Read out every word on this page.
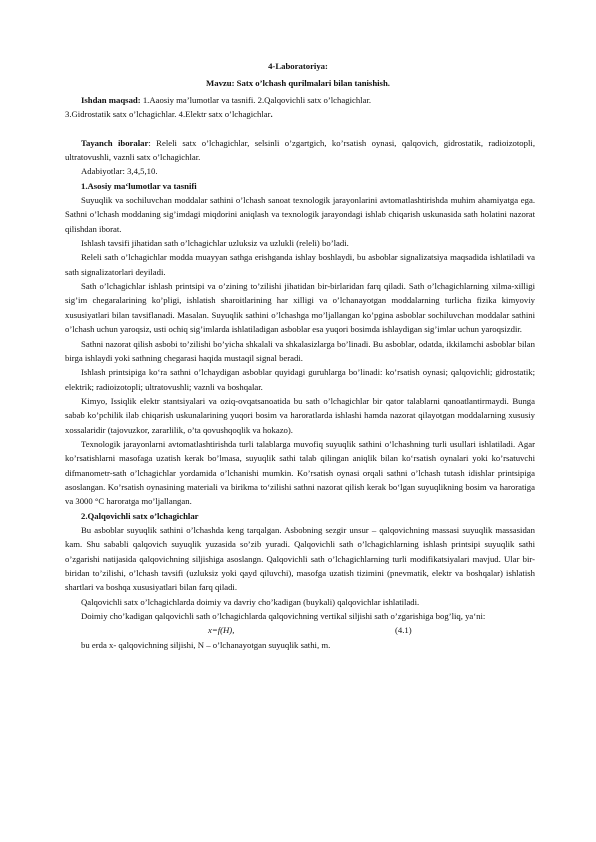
4-Laboratoriya:
Mavzu: Satx o’lchash qurilmalari bilan tanishish.

Ishdan maqsad: 1.Aaosiy ma’lumotlar va tasnifi. 2.Qalqovichli satx o’lchagichlar.

3.Gidrostatik satx o’lchagichlar. 4.Elektr satx o’lchagichlar.

Tayanch iboralar: Releli satx o’lchagichlar, selsinli o’zgartgich, ko’rsatish oynasi, qalqovich, gidrostatik, radioizotopli, ultratovushli, vaznli satx o’lchagichlar.

Adabiyotlar: 3,4,5,10.

1.Asosiy ma‘lumotlar va tasnifi

Suyuqlik va sochiluvchan moddalar sathini o’lchash sanoat texnologik jarayonlarini avtomatlashtirishda muhim ahamiyatga ega. Sathni o’lchash moddaning sig’imdagi miqdorini aniqlash va texnologik jarayondagi ishlab chiqarish uskunasida sath holatini nazorat qilishdan iborat.

Ishlash tavsifi jihatidan sath o’lchagichlar uzluksiz va uzlukli (releli) bo’ladi.

Releli sath o’lchagichlar modda muayyan sathga erishganda ishlay boshlaydi, bu asboblar signalizatsiya maqsadida ishlatiladi va sath signalizatorlari deyiladi.

Sath o’lchagichlar ishlash printsipi va o’zining to’zilishi jihatidan bir-birlaridan farq qiladi. Sath o’lchagichlarning xilma-xilligi sig’im chegaralarining ko’pligi, ishlatish sharoitlarining har xilligi va o’lchanayotgan moddalarning turlicha fizika kimyoviy xususiyatlari bilan tavsiflanadi. Masalan. Suyuqlik sathini o’lchashga mo’ljallangan ko’pgina asboblar sochiluvchan moddalar sathini o’lchash uchun yaroqsiz, usti ochiq sig’imlarda ishlatiladigan asboblar esa yuqori bosimda ishlaydigan sig’imlar uchun yaroqsizdir.

Sathni nazorat qilish asbobi to’zilishi bo’yicha shkalali va shkalasizlarga bo’linadi. Bu asboblar, odatda, ikkilamchi asboblar bilan birga ishlaydi yoki sathning chegarasi haqida mustaqil signal beradi.

Ishlash printsipiga ko‘ra sathni o’lchaydigan asboblar quyidagi guruhlarga bo’linadi: ko’rsatish oynasi; qalqovichli; gidrostatik; elektrik; radioizotopli; ultratovushli; vaznli va boshqalar.

Kimyo, Issiqlik elektr stantsiyalari va oziq-ovqatsanoatida bu sath o’lchagichlar bir qator talablarni qanoatlantirmaydi. Bunga sabab ko’pchilik ilab chiqarish uskunalarining yuqori bosim va haroratlarda ishlashi hamda nazorat qilayotgan moddalarning xususiy xossalaridir (tajovuzkor, zararlilik, o’ta qovushqoqlik va hokazo).

Texnologik jarayonlarni avtomatlashtirishda turli talablarga muvofiq suyuqlik sathini o’lchashning turli usullari ishlatiladi. Agar ko’rsatishlarni masofaga uzatish kerak bo’lmasa, suyuqlik sathi talab qilingan aniqlik bilan ko‘rsatish oynalari yoki ko’rsatuvchi difmanometr-sath o’lchagichlar yordamida o’lchanishi mumkin. Ko’rsatish oynasi orqali sathni o’lchash tutash idishlar printsipiga asoslangan. Ko’rsatish oynasining materiali va birikma to‘zilishi sathni nazorat qilish kerak bo‘lgan suyuqlikning bosim va haroratiga va 3000 °C haroratga mo’ljallangan.

2.Qalqovichli satx o’lchagichlar

Bu asboblar suyuqlik sathini o’lchashda keng tarqalgan. Asbobning sezgir unsur – qalqovichning massasi suyuqlik massasidan kam. Shu sababli qalqovich suyuqlik yuzasida so’zib yuradi. Qalqovichli sath o’lchagichlarning ishlash printsipi suyuqlik sathi o’zgarishi natijasida qalqovichning siljishiga asoslangn. Qalqovichli sath o’lchagichlarning turli modifikatsiyalari mavjud. Ular bir-biridan to’zilishi, o’lchash tavsifi (uzluksiz yoki qayd qiluvchi), masofga uzatish tizimini (pnevmatik, elektr va boshqalar) ishlatish shartlari va boshqa xususiyatlari bilan farq qiladi.

Qalqovichli satx o’lchagichlarda doimiy va davriy cho’kadigan (buykali) qalqovichlar ishlatiladi.

Doimiy cho’kadigan qalqovichli sath o’lchagichlarda qalqovichning vertikal siljishi sath o’zgarishiga bog’liq, ya‘ni:

x=f(H),	(4.1)

bu erda x- qalqovichning siljishi, N – o’lchanayotgan suyuqlik sathi, m.
